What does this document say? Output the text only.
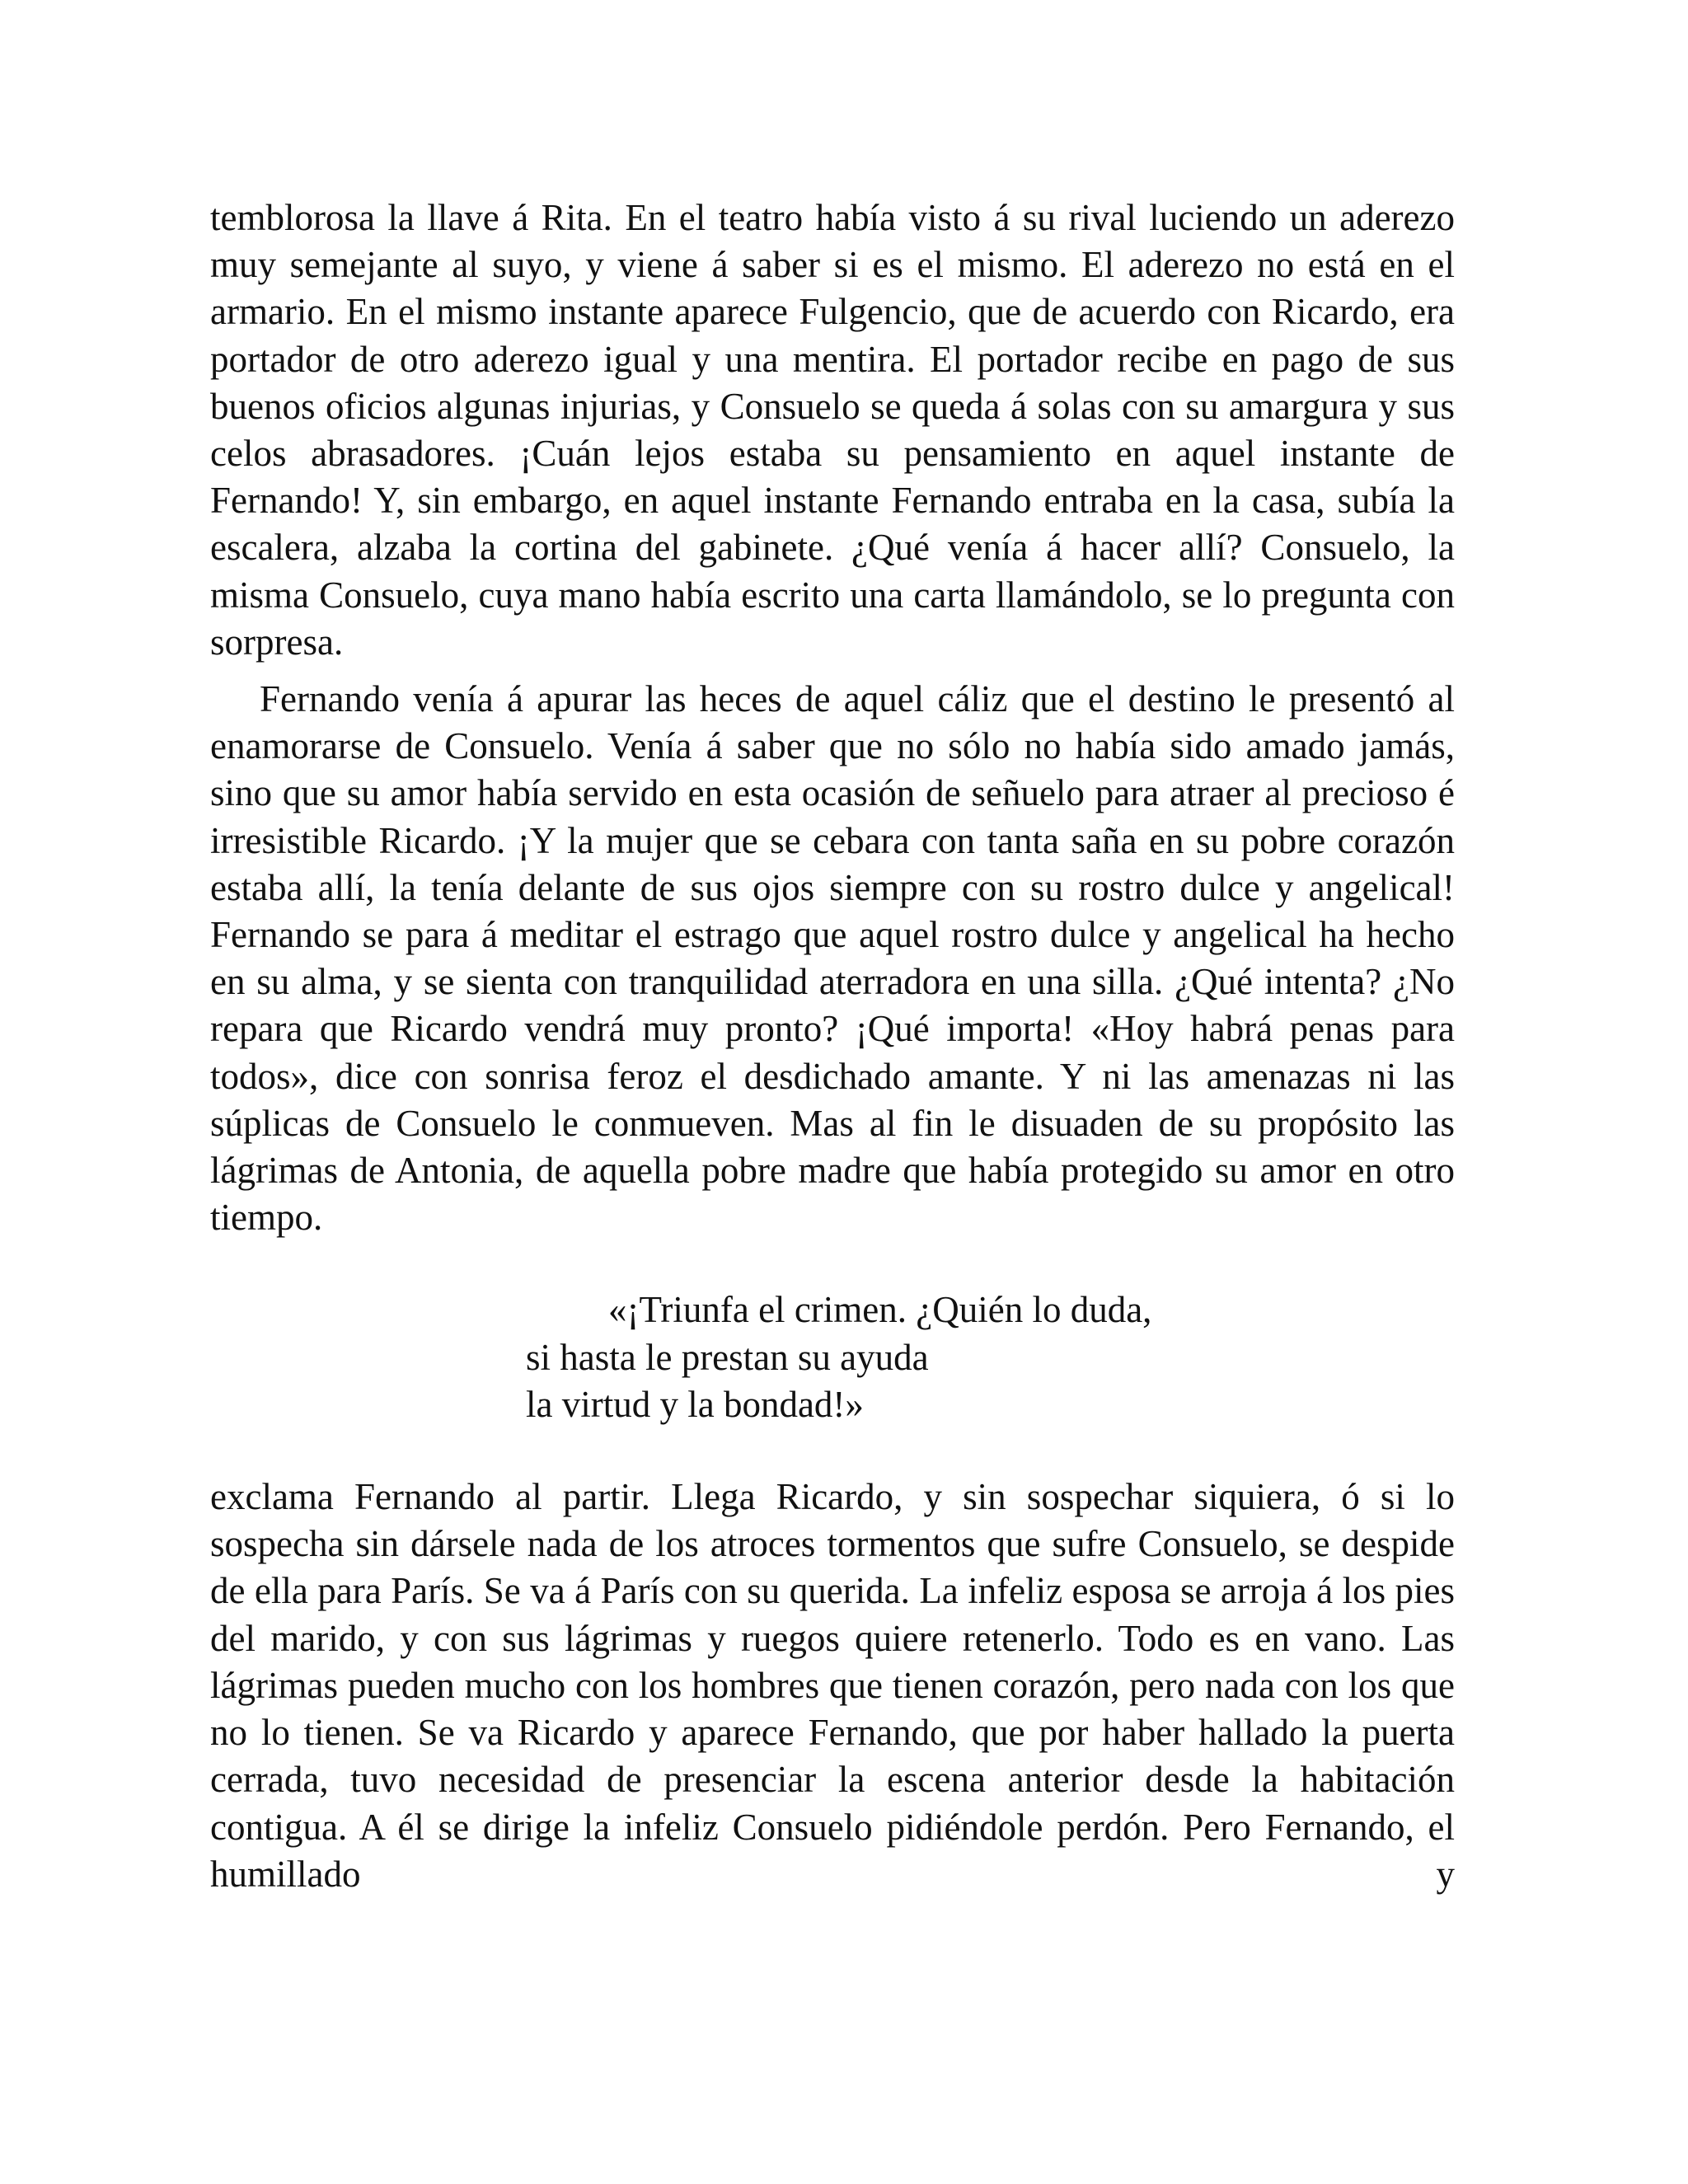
temblorosa la llave á Rita. En el teatro había visto á su rival luciendo un aderezo muy semejante al suyo, y viene á saber si es el mismo. El aderezo no está en el armario. En el mismo instante aparece Fulgencio, que de acuerdo con Ricardo, era portador de otro aderezo igual y una mentira. El portador recibe en pago de sus buenos oficios algunas injurias, y Consuelo se queda á solas con su amargura y sus celos abrasadores. ¡Cuán lejos estaba su pensamiento en aquel instante de Fernando! Y, sin embargo, en aquel instante Fernando entraba en la casa, subía la escalera, alzaba la cortina del gabinete. ¿Qué venía á hacer allí? Consuelo, la misma Consuelo, cuya mano había escrito una carta llamándolo, se lo pregunta con sorpresa.

Fernando venía á apurar las heces de aquel cáliz que el destino le presentó al enamorarse de Consuelo. Venía á saber que no sólo no había sido amado jamás, sino que su amor había servido en esta ocasión de señuelo para atraer al precioso é irresistible Ricardo. ¡Y la mujer que se cebara con tanta saña en su pobre corazón estaba allí, la tenía delante de sus ojos siempre con su rostro dulce y angelical! Fernando se para á meditar el estrago que aquel rostro dulce y angelical ha hecho en su alma, y se sienta con tranquilidad aterradora en una silla. ¿Qué intenta? ¿No repara que Ricardo vendrá muy pronto? ¡Qué importa! «Hoy habrá penas para todos», dice con sonrisa feroz el desdichado amante. Y ni las amenazas ni las súplicas de Consuelo le conmueven. Mas al fin le disuaden de su propósito las lágrimas de Antonia, de aquella pobre madre que había protegido su amor en otro tiempo.

«¡Triunfa el crimen. ¿Quién lo duda,
si hasta le prestan su ayuda
la virtud y la bondad!»

exclama Fernando al partir. Llega Ricardo, y sin sospechar siquiera, ó si lo sospecha sin dársele nada de los atroces tormentos que sufre Consuelo, se despide de ella para París. Se va á París con su querida. La infeliz esposa se arroja á los pies del marido, y con sus lágrimas y ruegos quiere retenerlo. Todo es en vano. Las lágrimas pueden mucho con los hombres que tienen corazón, pero nada con los que no lo tienen. Se va Ricardo y aparece Fernando, que por haber hallado la puerta cerrada, tuvo necesidad de presenciar la escena anterior desde la habitación contigua. A él se dirige la infeliz Consuelo pidiéndole perdón. Pero Fernando, el humillado y
